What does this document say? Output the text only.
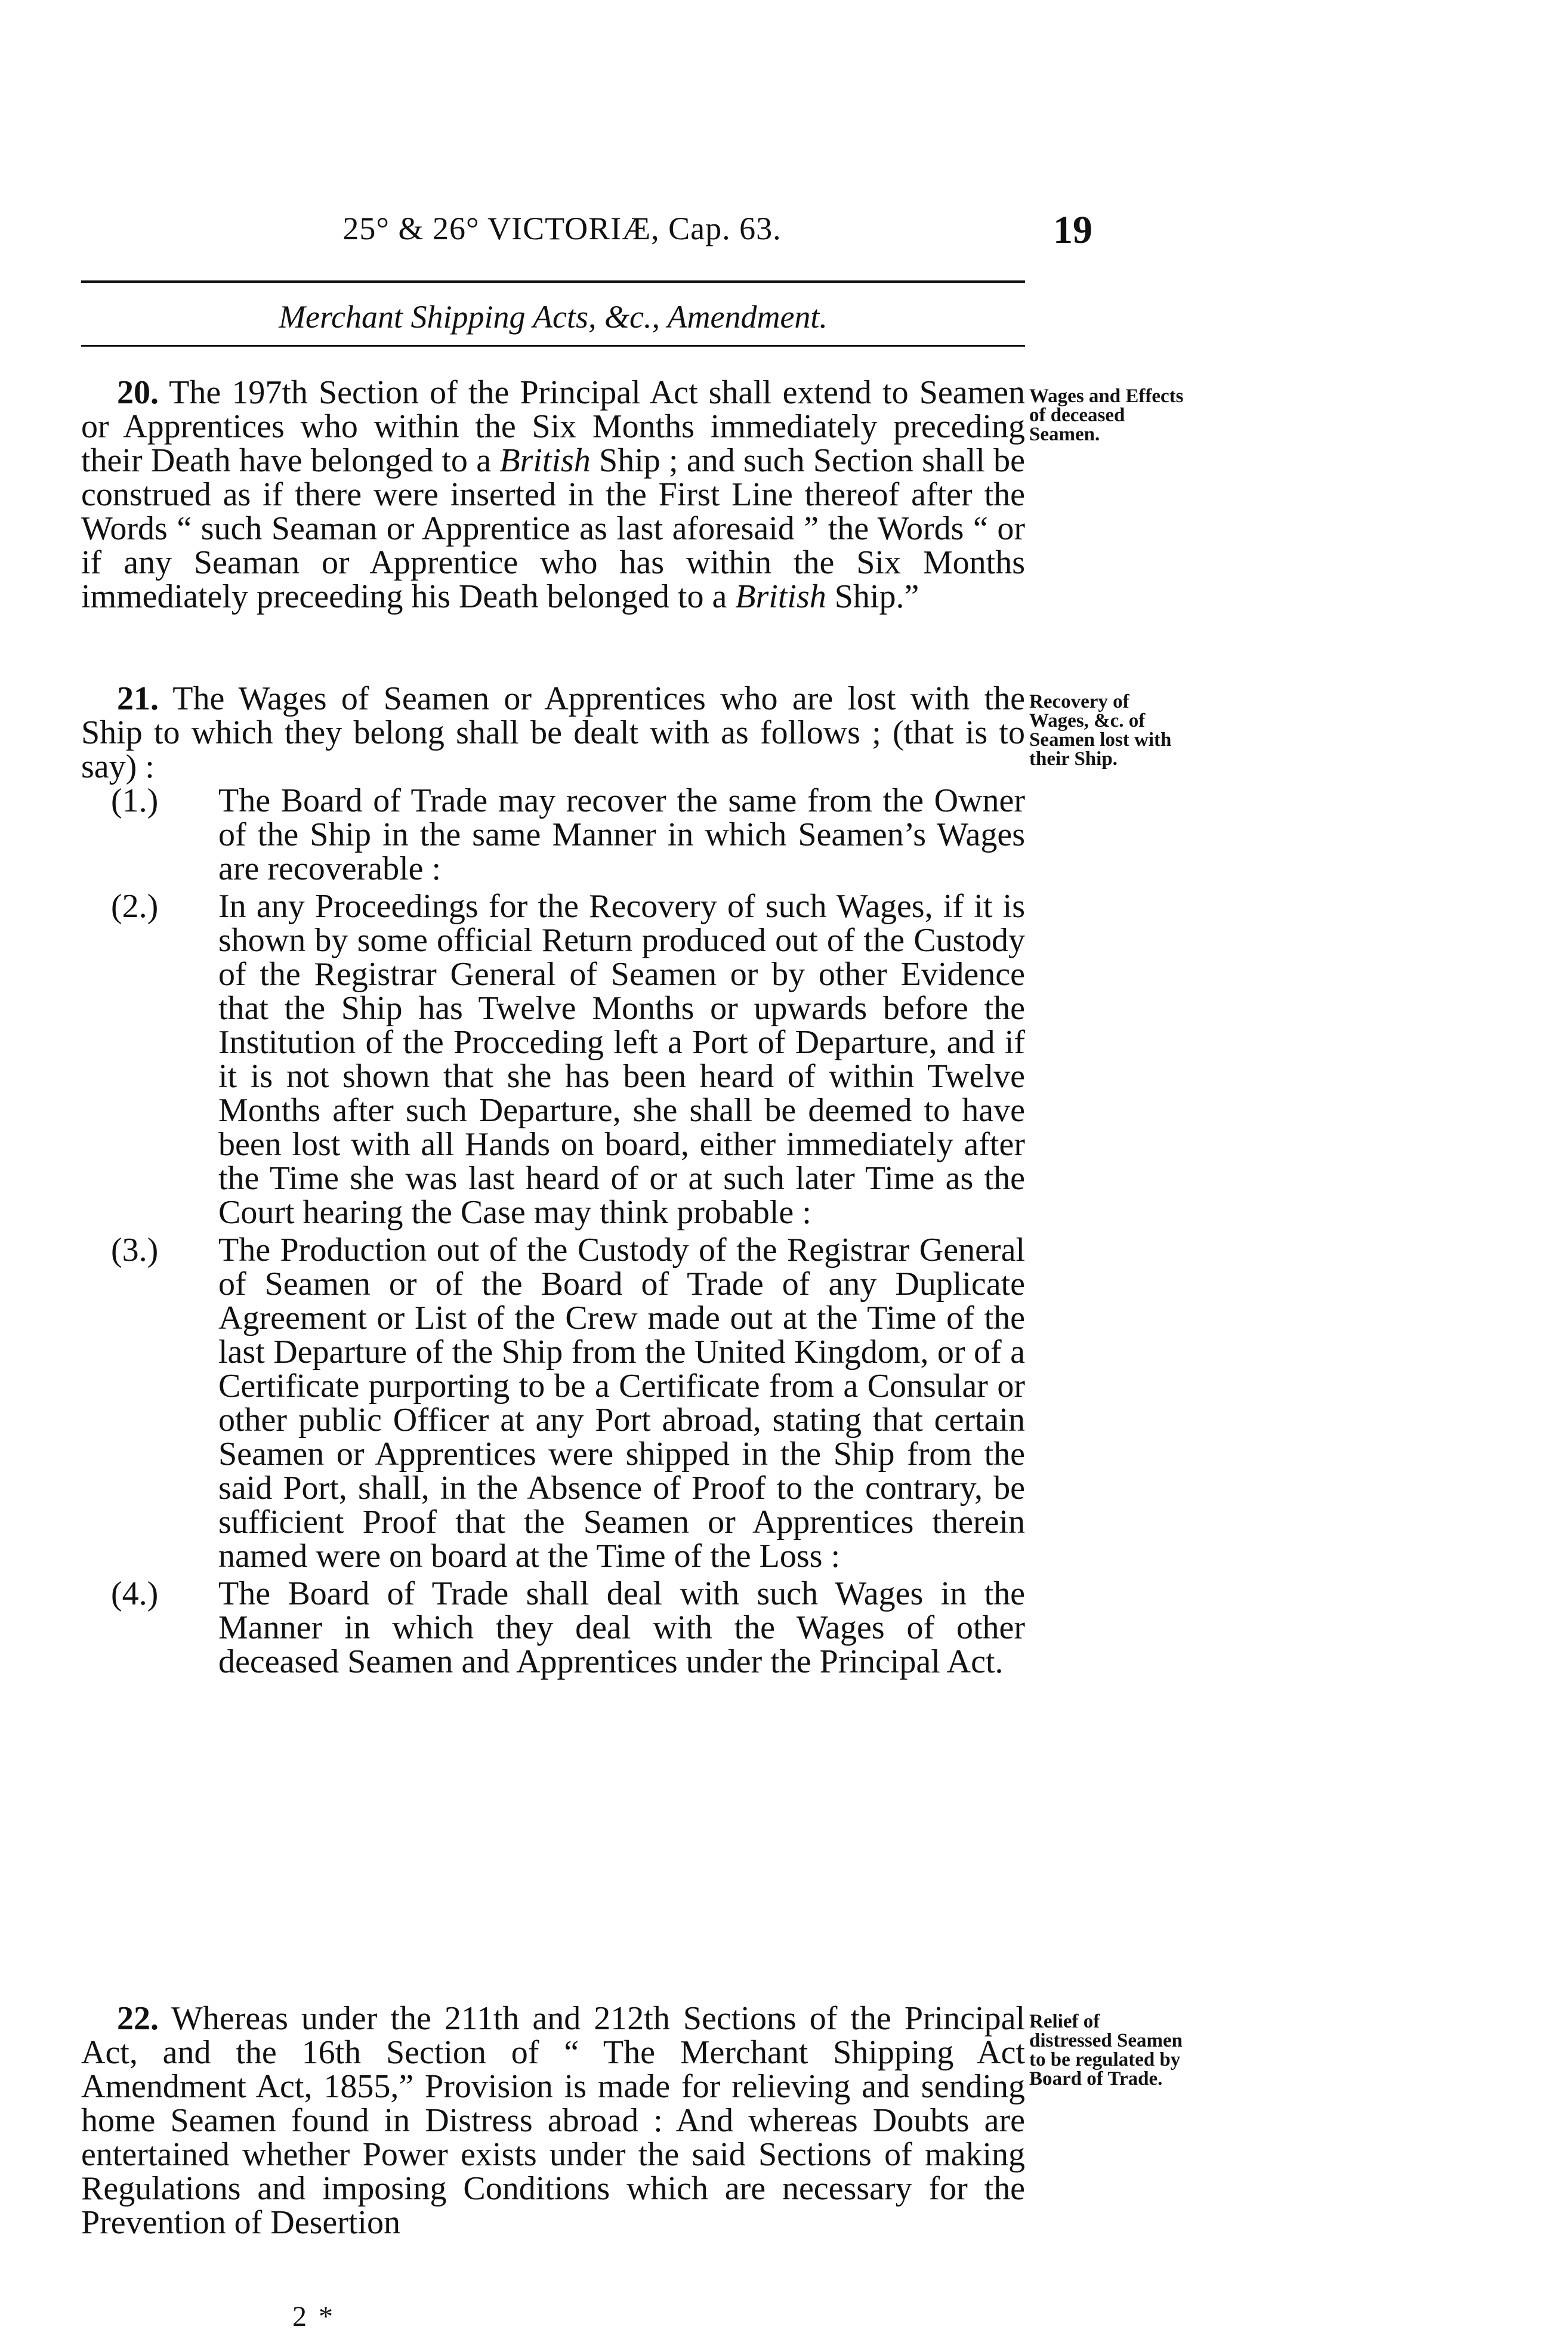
25° & 26° VICTORIÆ, Cap. 63.	19
Merchant Shipping Acts, &c., Amendment.
20. The 197th Section of the Principal Act shall extend to Seamen or Apprentices who within the Six Months immediately preceding their Death have belonged to a British Ship ; and such Section shall be construed as if there were inserted in the First Line thereof after the Words “ such Seaman or Apprentice as last aforesaid ” the Words “ or if any Seaman or Apprentice who has within the Six Months immediately preceeding his Death belonged to a British Ship.”
Wages and Effects of deceased Seamen.
21. The Wages of Seamen or Apprentices who are lost with the Ship to which they belong shall be dealt with as follows ; (that is to say) :
Recovery of Wages, &c. of Seamen lost with their Ship.
(1.)	The Board of Trade may recover the same from the Owner of the Ship in the same Manner in which Seamen’s Wages are recoverable :
(2.)	In any Proceedings for the Recovery of such Wages, if it is shown by some official Return produced out of the Custody of the Registrar General of Seamen or by other Evidence that the Ship has Twelve Months or upwards before the Institution of the Procceding left a Port of Departure, and if it is not shown that she has been heard of within Twelve Months after such Departure, she shall be deemed to have been lost with all Hands on board, either immediately after the Time she was last heard of or at such later Time as the Court hearing the Case may think probable :
(3.)	The Production out of the Custody of the Registrar General of Seamen or of the Board of Trade of any Duplicate Agreement or List of the Crew made out at the Time of the last Departure of the Ship from the United Kingdom, or of a Certificate purporting to be a Certificate from a Consular or other public Officer at any Port abroad, stating that certain Seamen or Apprentices were shipped in the Ship from the said Port, shall, in the Absence of Proof to the contrary, be sufficient Proof that the Seamen or Apprentices therein named were on board at the Time of the Loss :
(4.)	The Board of Trade shall deal with such Wages in the Manner in which they deal with the Wages of other deceased Seamen and Apprentices under the Principal Act.
22. Whereas under the 211th and 212th Sections of the Principal Act, and the 16th Section of “ The Merchant Shipping Act Amendment Act, 1855,” Provision is made for relieving and sending home Seamen found in Distress abroad : And whereas Doubts are entertained whether Power exists under the said Sections of making Regulations and imposing Conditions which are necessary for the Prevention of Desertion
Relief of distressed Seamen to be regulated by Board of Trade.
2 *
